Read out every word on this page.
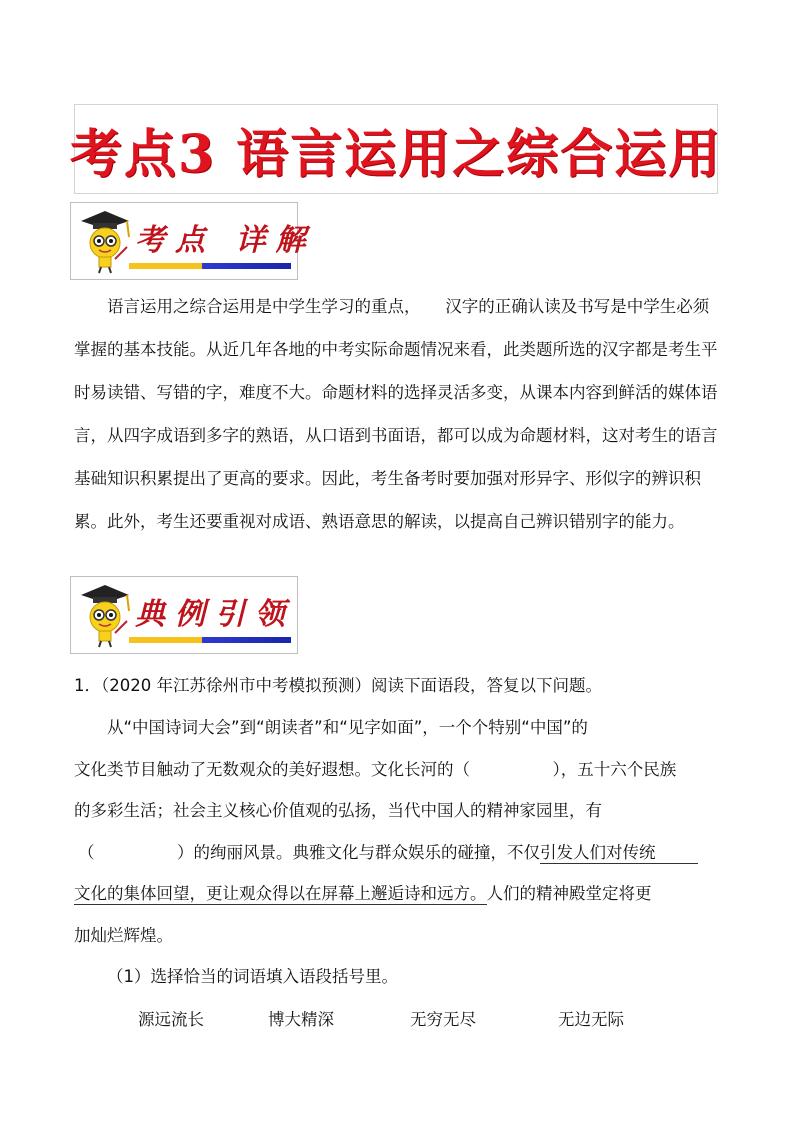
考点3 语言运用之综合运用
考点 详解

语言运用之综合运用是中学生学习的重点，　　汉字的正确认读及书写是中学生必须掌握的基本技能。从近几年各地的中考实际命题情况来看，此类题所选的汉字都是考生平时易读错、写错的字，难度不大。命题材料的选择灵活多变，从课本内容到鲜活的媒体语言，从四字成语到多字的熟语，从口语到书面语，都可以成为命题材料，这对考生的语言基础知识积累提出了更高的要求。因此，考生备考时要加强对形异字、形似字的辨识积累。此外，考生还要重视对成语、熟语意思的解读，以提高自己辨识错别字的能力。

典例引领
1．（2020 年江苏徐州市中考模拟预测）阅读下面语段，答复以下问题。
从“中国诗词大会”到“朗读者”和“见字如面”，一个个特别“中国”的
文化类节目触动了无数观众的美好遐想。文化长河的（　　　　　），五十六个民族
的多彩生活；社会主义核心价值观的弘扬，当代中国人的精神家园里，有
（　　　　　）的绚丽风景。典雅文化与群众娱乐的碰撞，不仅引发人们对传统
文化的集体回望，更让观众得以在屏幕上邂逅诗和远方。人们的精神殿堂定将更
加灿烂辉煌。
（1）选择恰当的词语填入语段括号里。
源远流长	博大精深	无穷无尽	无边无际
